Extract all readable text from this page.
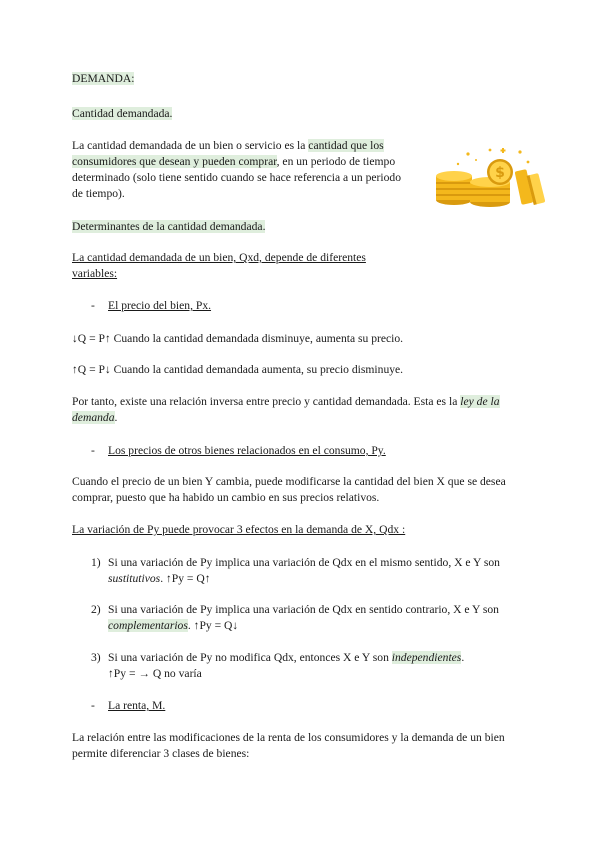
DEMANDA:

Cantidad demandada.

La cantidad demandada de un bien o servicio es la cantidad que los consumidores que desean y pueden comprar, en un periodo de tiempo determinado (solo tiene sentido cuando se hace referencia a un periodo de tiempo).

$

Determinantes de la cantidad demandada.

La cantidad demandada de un bien, Qxd, depende de diferentes variables:

- El precio del bien, Px.

↓Q = P↑ Cuando la cantidad demandada disminuye, aumenta su precio.

↑Q = P↓ Cuando la cantidad demandada aumenta, su precio disminuye.

Por tanto, existe una relación inversa entre precio y cantidad demandada. Esta es la ley de la demanda.

- Los precios de otros bienes relacionados en el consumo, Py.

Cuando el precio de un bien Y cambia, puede modificarse la cantidad del bien X que se desea comprar, puesto que ha habido un cambio en sus precios relativos.

La variación de Py puede provocar 3 efectos en la demanda de X, Qdx :

1) Si una variación de Py implica una variación de Qdx en el mismo sentido, X e Y son sustitutivos. ↑Py = Q↑

2) Si una variación de Py implica una variación de Qdx en sentido contrario, X e Y son complementarios. ↑Py = Q↓

3) Si una variación de Py no modifica Qdx, entonces X e Y son independientes.
↑Py = → Q no varía

- La renta, M.

La relación entre las modificaciones de la renta de los consumidores y la demanda de un bien permite diferenciar 3 clases de bienes:
